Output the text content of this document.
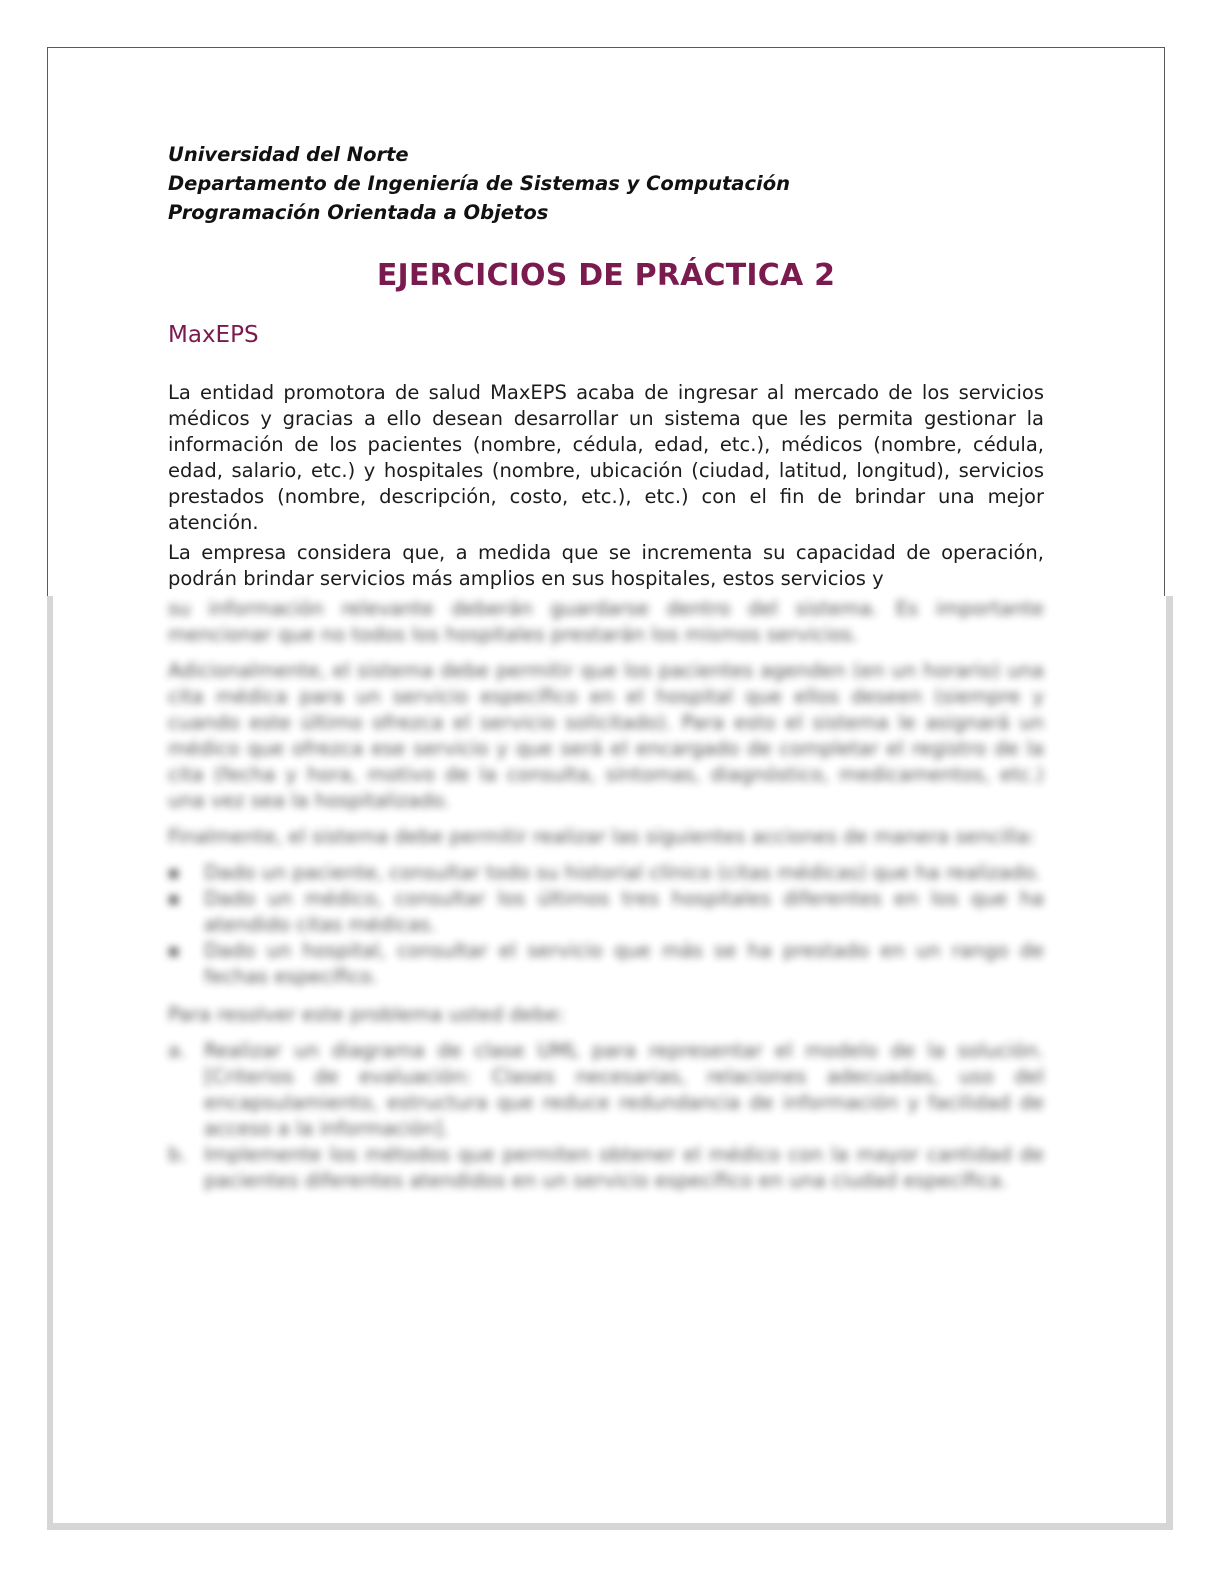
Universidad del Norte
Departamento de Ingeniería de Sistemas y Computación
Programación Orientada a Objetos
EJERCICIOS DE PRÁCTICA 2
MaxEPS
La entidad promotora de salud MaxEPS acaba de ingresar al mercado de los servicios médicos y gracias a ello desean desarrollar un sistema que les permita gestionar la información de los pacientes (nombre, cédula, edad, etc.), médicos (nombre, cédula, edad, salario, etc.) y hospitales (nombre, ubicación (ciudad, latitud, longitud), servicios prestados (nombre, descripción, costo, etc.), etc.) con el fin de brindar una mejor atención.
La empresa considera que, a medida que se incrementa su capacidad de operación, podrán brindar servicios más amplios en sus hospitales, estos servicios y
su información relevante deberán guardarse dentro del sistema. Es importante mencionar que no todos los hospitales prestarán los mismos servicios.
Adicionalmente, el sistema debe permitir que los pacientes agenden (en un horario) una cita médica para un servicio específico en el hospital que ellos deseen (siempre y cuando este último ofrezca el servicio solicitado). Para esto el sistema le asignará un médico que ofrezca ese servicio y que será el encargado de completar el registro de la cita (fecha y hora, motivo de la consulta, síntomas, diagnóstico, medicamentos, etc.) una vez sea la hospitalizado.
Finalmente, el sistema debe permitir realizar las siguientes acciones de manera sencilla:
■ Dado un paciente, consultar todo su historial clínico (citas médicas) que ha realizado.
■ Dado un médico, consultar los últimos tres hospitales diferentes en los que ha atendido citas médicas.
■ Dado un hospital, consultar el servicio que más se ha prestado en un rango de fechas específico.
Para resolver este problema usted debe:
a. Realizar un diagrama de clase UML para representar el modelo de la solución. [Criterios de evaluación: Clases necesarias, relaciones adecuadas, uso del encapsulamiento, estructura que reduce redundancia de información y facilidad de acceso a la información].
b. Implemente los métodos que permiten obtener el médico con la mayor cantidad de pacientes diferentes atendidos en un servicio específico en una ciudad específica.
